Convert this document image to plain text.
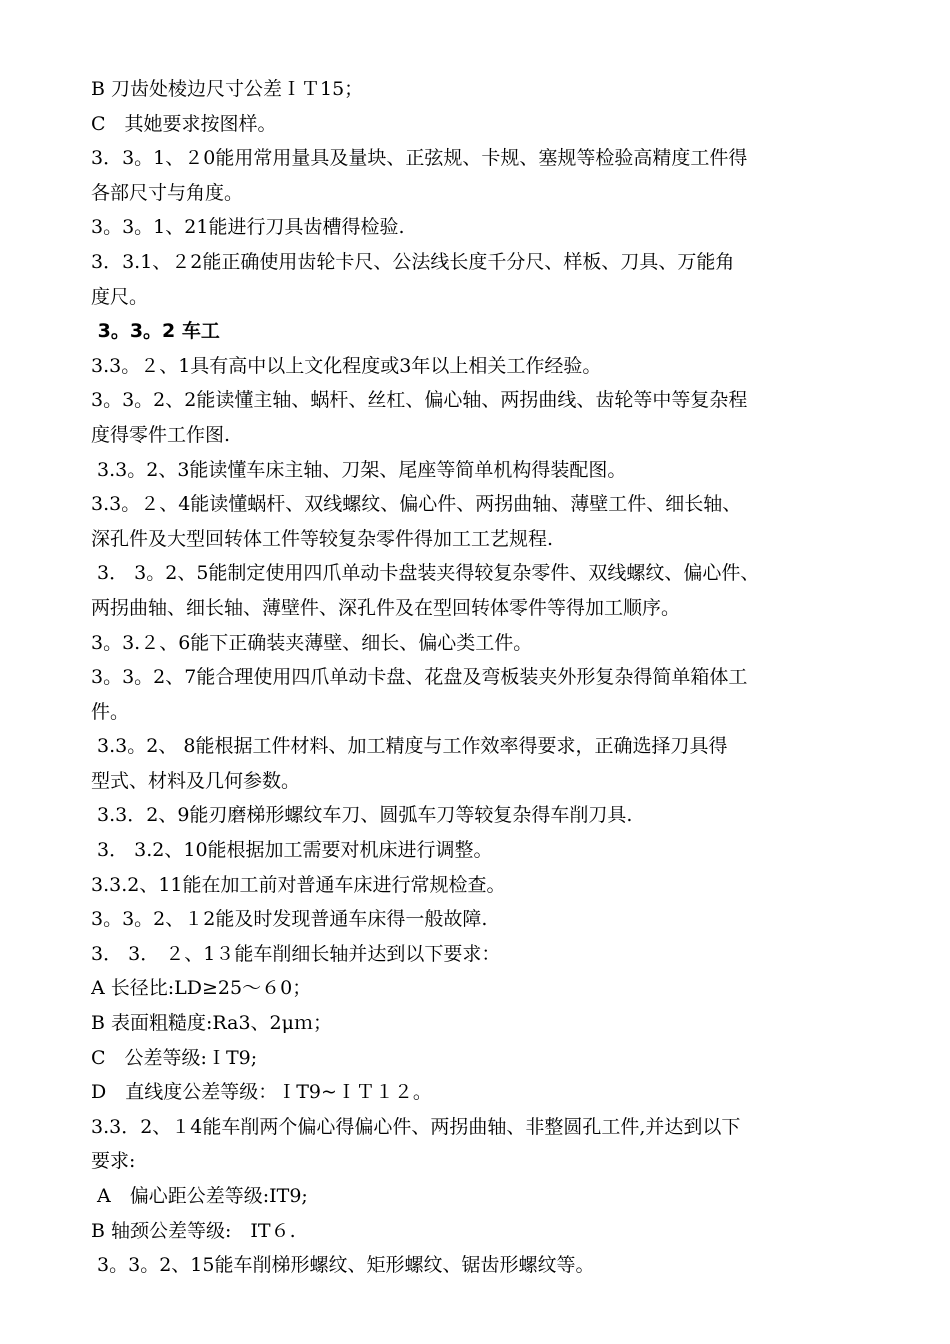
B 刀齿处棱边尺寸公差ＩＴ15；
C　其她要求按图样。
3．3。1、２0能用常用量具及量块、正弦规、卡规、塞规等检验高精度工件得
各部尺寸与角度。
3。3。1、21能进行刀具齿槽得检验.
3．3.1、２2能正确使用齿轮卡尺、公法线长度千分尺、样板、刀具、万能角
度尺。
3。3。2 车工
3.3。２、1具有高中以上文化程度或3年以上相关工作经验。
3。3。2、2能读懂主轴、蜗杆、丝杠、偏心轴、两拐曲线、齿轮等中等复杂程
度得零件工作图.
3.3。2、3能读懂车床主轴、刀架、尾座等简单机构得装配图。
3.3。２、4能读懂蜗杆、双线螺纹、偏心件、两拐曲轴、薄壁工件、细长轴、
深孔件及大型回转体工件等较复杂零件得加工工艺规程.
3． 3。2、5能制定使用四爪单动卡盘装夹得较复杂零件、双线螺纹、偏心件、
两拐曲轴、细长轴、薄壁件、深孔件及在型回转体零件等得加工顺序。
3。3.２、6能下正确装夹薄壁、细长、偏心类工件。
3。3。2、7能合理使用四爪单动卡盘、花盘及弯板装夹外形复杂得简单箱体工
件。
3.3。2、 8能根据工件材料、加工精度与工作效率得要求，正确选择刀具得
型式、材料及几何参数。
3.3．2、9能刃磨梯形螺纹车刀、圆弧车刀等较复杂得车削刀具.
3． 3.2、10能根据加工需要对机床进行调整。
3.3.2、11能在加工前对普通车床进行常规检查。
3。3。2、１2能及时发现普通车床得一般故障.
3． 3． ２、1３能车削细长轴并达到以下要求：
A 长径比:LD≥25～６0；
B 表面粗糙度:Ra3、2μｍ；
C　公差等级:ＩT9;
D　直线度公差等级：ＩT9~ＩＴ１２。
3.3．2、１4能车削两个偏心得偏心件、两拐曲轴、非整圆孔工件,并达到以下
要求:
A　偏心距公差等级:IT9;
B 轴颈公差等级:　IT６.
3。3。2、15能车削梯形螺纹、矩形螺纹、锯齿形螺纹等。
